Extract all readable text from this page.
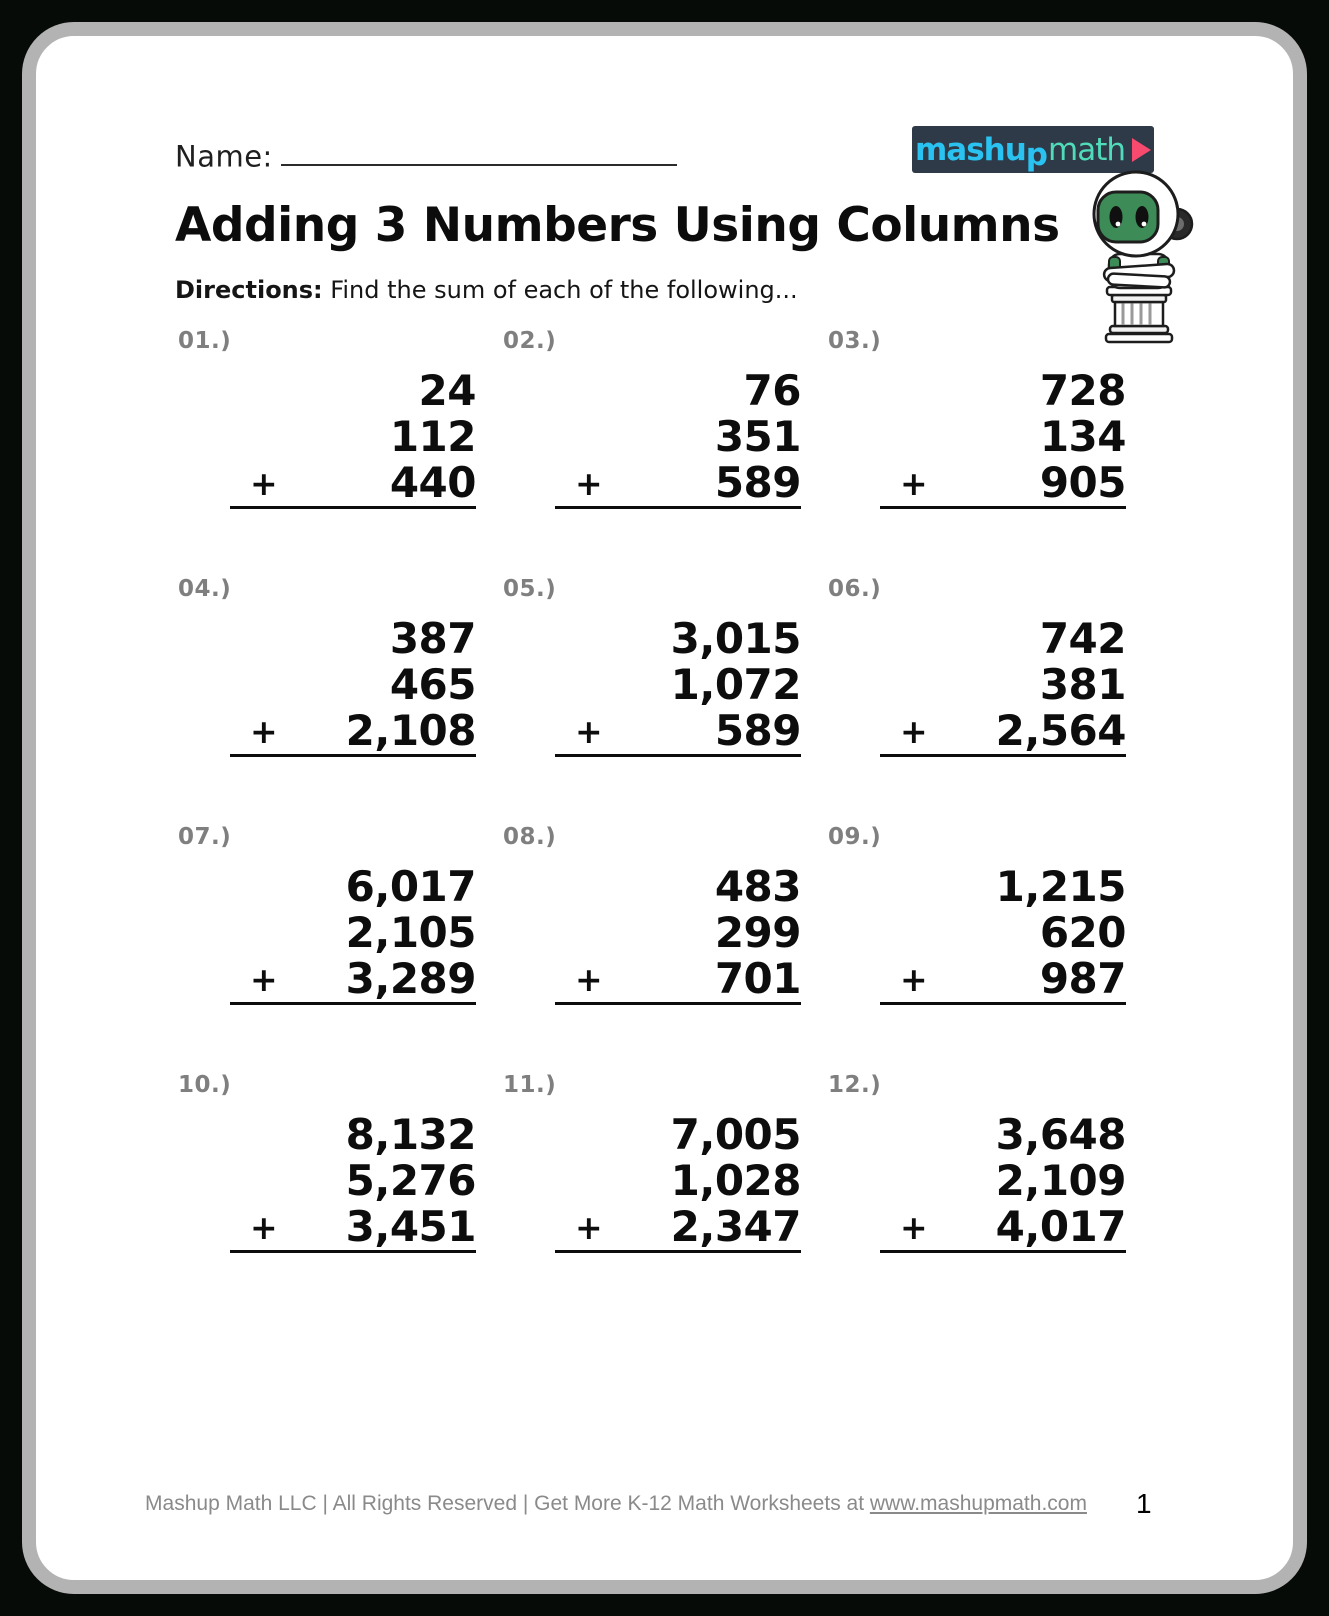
Name:	mashu p math
Adding 3 Numbers Using Columns

Directions: Find the sum of each of the following...

01.)
24
112
+	440
02.)
76
351
+	589
03.)
728
134
+	905
04.)
387
465
+ 2,108
05.)
3,015
1,072
+	589
06.)
742
381
+ 2,564
07.)
6,017
2,105
+ 3,289
08.)
483
299
+	701
09.)
1,215
620
+	987
10.)
8,132
5,276
+ 3,451
11.)
7,005
1,028
+ 2,347
12.)
3,648
2,109
+ 4,017
Mashup Math LLC | All Rights Reserved | Get More K-12 Math Worksheets at www.mashupmath.com	1
